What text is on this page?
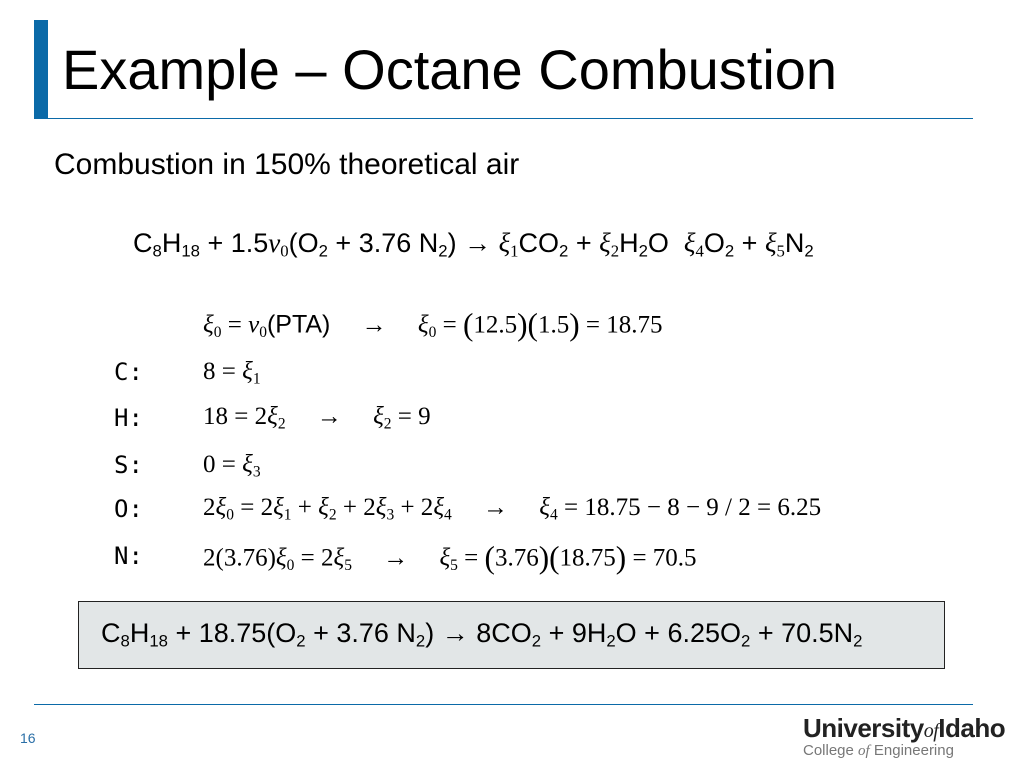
Example – Octane Combustion
Combustion in 150% theoretical air
$C_8H_{18} + 1.5\nu_0(O_2 + 3.76$ $N_2) \to \xi_1CO_2 + \xi_2H_2O$  $\xi_4O_2 + \xi_5N_2$
$\xi_0 = \nu_0(PTA)$     →     $\xi_0 = (12.5)(1.5) = 18.75$
C:
H:
S:
O:
N:
$8 = \xi_1$
$18 = 2\xi_2$     →     $\xi_2 = 9$
$0 = \xi_3$
$2\xi_0 = 2\xi_1 + \xi_2 + 2\xi_3 + 2\xi_4$     →     $\xi_4 = 18.75 - 8 - 9 / 2 = 6.25$
$2(3.76)\xi_0 = 2\xi_5$     →     $\xi_5 = (3.76)(18.75) = 70.5$
$C_8H_{18} + 18.75(O_2 + 3.76$ $N_2) \to 8CO_2 + 9H_2O + 6.25O_2 + 70.5N_2$
16	UniversityofIdaho
College of Engineering
